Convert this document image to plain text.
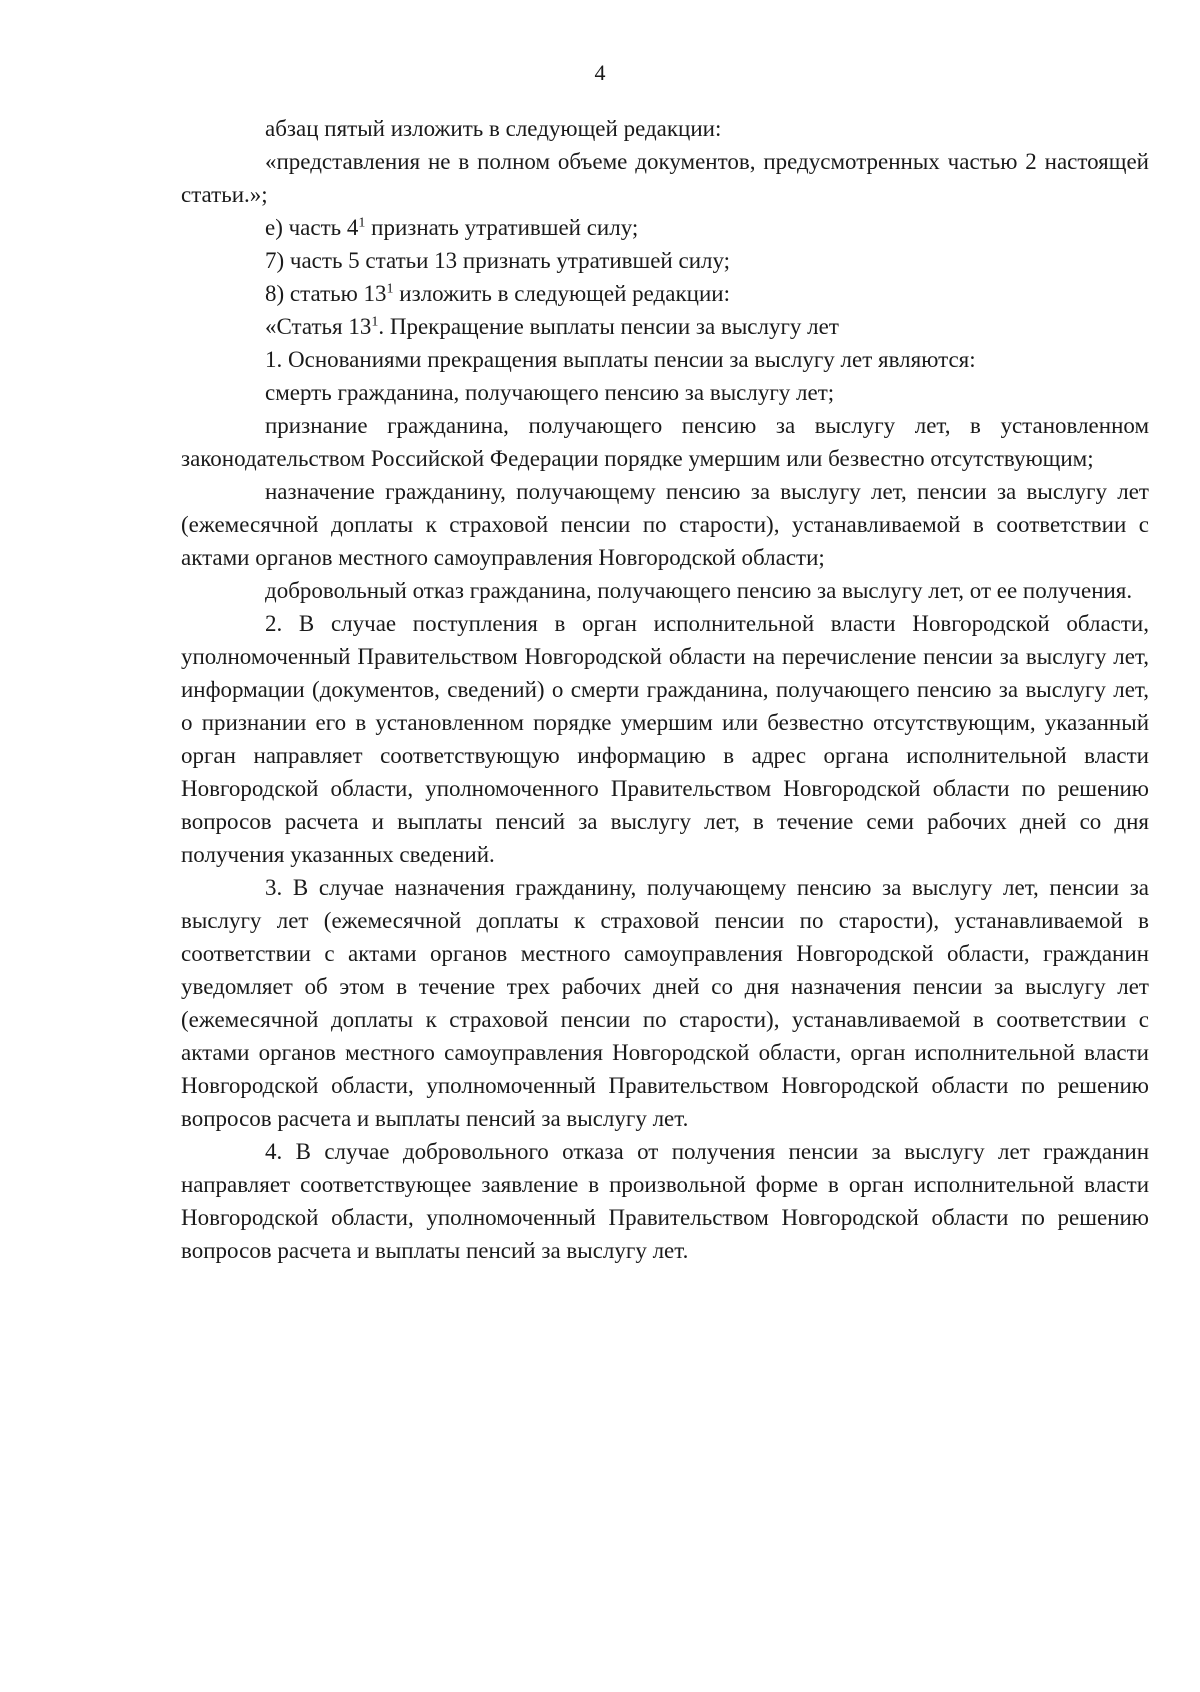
4

абзац пятый изложить в следующей редакции:

«представления не в полном объеме документов, предусмотренных частью 2 настоящей статьи.»;

е) часть $4^1$ признать утратившей силу;

7) часть 5 статьи 13 признать утратившей силу;

8) статью $13^1$ изложить в следующей редакции:

«Статья $13^1$. Прекращение выплаты пенсии за выслугу лет

1. Основаниями прекращения выплаты пенсии за выслугу лет являются:

смерть гражданина, получающего пенсию за выслугу лет;

признание гражданина, получающего пенсию за выслугу лет, в установленном законодательством Российской Федерации порядке умершим или безвестно отсутствующим;

назначение гражданину, получающему пенсию за выслугу лет, пенсии за выслугу лет (ежемесячной доплаты к страховой пенсии по старости), устанавливаемой в соответствии с актами органов местного самоуправления Новгородской области;

добровольный отказ гражданина, получающего пенсию за выслугу лет, от ее получения.

2. В случае поступления в орган исполнительной власти Новгородской области, уполномоченный Правительством Новгородской области на перечисление пенсии за выслугу лет, информации (документов, сведений) о смерти гражданина, получающего пенсию за выслугу лет, о признании его в установленном порядке умершим или безвестно отсутствующим, указанный орган направляет соответствующую информацию в адрес органа исполнительной власти Новгородской области, уполномоченного Правительством Новгородской области по решению вопросов расчета и выплаты пенсий за выслугу лет, в течение семи рабочих дней со дня получения указанных сведений.

3. В случае назначения гражданину, получающему пенсию за выслугу лет, пенсии за выслугу лет (ежемесячной доплаты к страховой пенсии по старости), устанавливаемой в соответствии с актами органов местного самоуправления Новгородской области, гражданин уведомляет об этом в течение трех рабочих дней со дня назначения пенсии за выслугу лет (ежемесячной доплаты к страховой пенсии по старости), устанавливаемой в соответствии с актами органов местного самоуправления Новгородской области, орган исполнительной власти Новгородской области, уполномоченный Правительством Новгородской области по решению вопросов расчета и выплаты пенсий за выслугу лет.

4. В случае добровольного отказа от получения пенсии за выслугу лет гражданин направляет соответствующее заявление в произвольной форме в орган исполнительной власти Новгородской области, уполномоченный Правительством Новгородской области по решению вопросов расчета и выплаты пенсий за выслугу лет.
